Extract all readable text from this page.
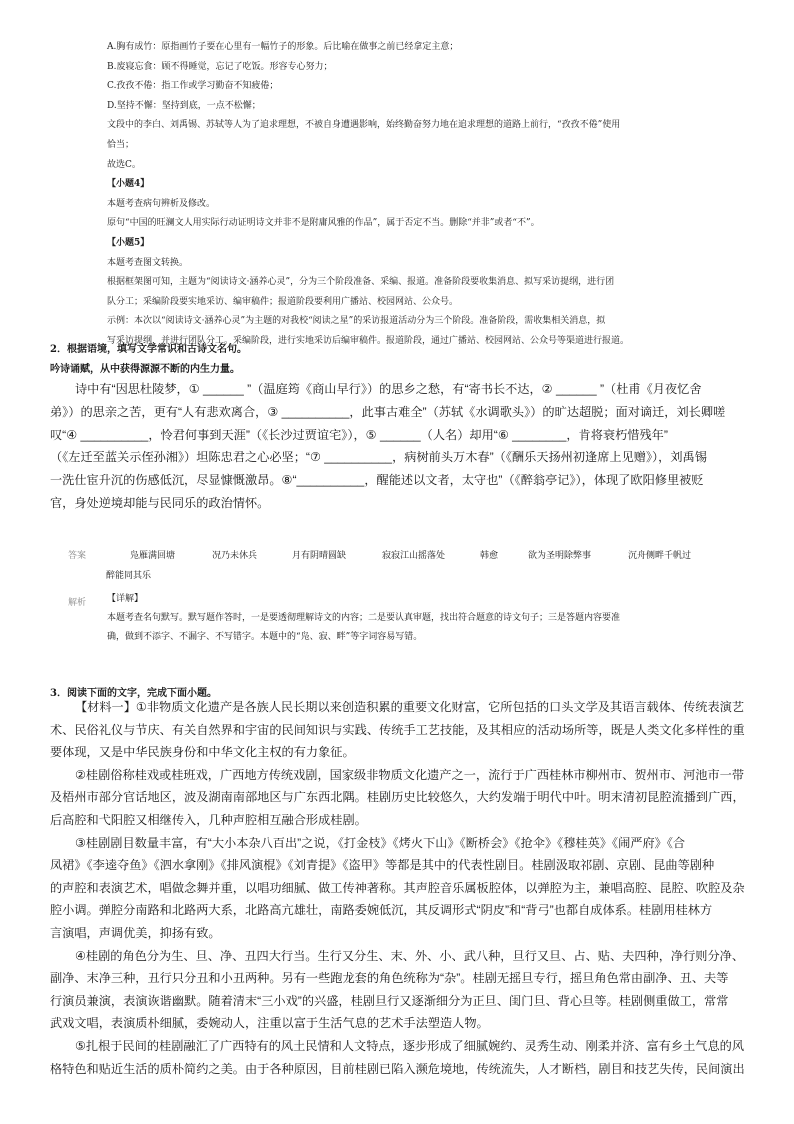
A.胸有成竹：原指画竹子要在心里有一幅竹子的形象。后比喻在做事之前已经拿定主意；

B.废寝忘食：顾不得睡觉，忘记了吃饭。形容专心努力；

C.孜孜不倦：指工作或学习勤奋不知疲倦；

D.坚持不懈：坚持到底，一点不松懈；

文段中的李白、刘禹锡、苏轼等人为了追求理想，不被自身遭遇影响，始终勤奋努力地在追求理想的道路上前行，“孜孜不倦”使用

恰当；

故选C。

【小题4】

本题考查病句辨析及修改。

原句“中国的旺澜文人用实际行动证明诗文并非不是附庸风雅的作品”，属于否定不当。删除“并非”或者“不”。

【小题5】

本题考查图文转换。

根据框架图可知，主题为“阅读诗文·涵养心灵”，分为三个阶段准备、采编、报道。准备阶段要收集消息、拟写采访提纲，进行团

队分工；采编阶段要实地采访、编审稿件；报道阶段要利用广播站、校园网站、公众号。

示例：本次以“阅读诗文·涵养心灵”为主题的对我校“阅读之星”的采访报道活动分为三个阶段。准备阶段，需收集相关消息，拟

写采访提纲，并进行团队分工。采编阶段，进行实地采访后编审稿件。报道阶段，通过广播站、校园网站、公众号等渠道进行报道。

2．根据语境，填写文学常识和古诗文名句。
吟诗诵赋，从中获得源源不断的内生力量。
诗中有“因思杜陵梦，① ______ ”（温庭筠《商山早行》）的思乡之愁，有“寄书长不达，② ______ ”（杜甫《月夜忆舍
弟》）的思亲之苦，更有“人有悲欢离合，③ __________，此事古难全”（苏轼《水调歌头》）的旷达超脱；面对谪迁，刘长卿嗟
叹“④ __________，怜君何事到天涯”（《长沙过贾谊宅》），⑤ ______（人名）却用“⑥ ________，肯将衰朽惜残年”
（《左迁至蓝关示侄孙湘》）坦陈忠君之心必坚；“⑦ __________，病树前头万木春”（《酬乐天扬州初逢席上见赠》），刘禹锡
一洗仕宦升沉的伤感低沉，尽显慷慨激昂。⑧“__________，醒能述以文者，太守也”（《醉翁亭记》），体现了欧阳修里被贬
官，身处逆境却能与民同乐的政治情怀。
答案	凫雁满回塘	况乃未休兵	月有阴晴圆缺	寂寂江山摇落处	韩愈	欲为圣明除弊事	沉舟侧畔千帆过
醉能同其乐
解析 【详解】

本题考查名句默写。默写题作答时，一是要透彻理解诗文的内容；二是要认真审题，找出符合题意的诗文句子；三是答题内容要准

确，做到不添字、不漏字、不写错字。本题中的“凫、寂、畔”等字词容易写错。

3．阅读下面的文字，完成下面小题。

【材料一】①非物质文化遗产是各族人民长期以来创造积累的重要文化财富，它所包括的口头文学及其语言载体、传统表演艺
术、民俗礼仪与节庆、有关自然界和宇宙的民间知识与实践、传统手工艺技能，及其相应的活动场所等，既是人类文化多样性的重
要体现，又是中华民族身份和中华文化主权的有力象征。

②桂剧俗称桂戏或桂班戏，广西地方传统戏剧，国家级非物质文化遗产之一，流行于广西桂林市柳州市、贺州市、河池市一带
及梧州市部分官话地区，波及湖南南部地区与广东西北隅。桂剧历史比较悠久，大约发端于明代中叶。明末清初昆腔流播到广西，
后高腔和弋阳腔又相继传入，几种声腔相互融合形成桂剧。

③桂剧剧目数量丰富，有“大小本杂八百出”之说，《打金枝》《烤火下山》《断桥会》《抢伞》《穆桂英》《闹严府》《合
凤裙》《李逵夺鱼》《泗水拿刚》《排风演棍》《刘青提》《盗甲》等都是其中的代表性剧目。桂剧汲取祁剧、京剧、昆曲等剧种
的声腔和表演艺术，唱做念舞并重，以唱功细腻、做工传神著称。其声腔音乐属板腔体，以弹腔为主，兼唱高腔、昆腔、吹腔及杂
腔小调。弹腔分南路和北路两大系，北路高亢雄壮，南路委婉低沉，其反调形式“阴皮”和“背弓”也都自成体系。桂剧用桂林方
言演唱，声调优美，抑扬有致。

④桂剧的角色分为生、旦、净、丑四大行当。生行又分生、末、外、小、武八种，旦行又旦、占、贴、夫四种，净行则分净、
副净、末净三种，丑行只分丑和小丑两种。另有一些跑龙套的角色统称为“杂”。桂剧无摇旦专行，摇旦角色常由副净、丑、夫等
行演员兼演，表演诙谐幽默。随着清末“三小戏”的兴盛，桂剧旦行又逐渐细分为正旦、闺门旦、背心旦等。桂剧侧重做工，常常
武戏文唱，表演质朴细腻，委婉动人，注重以富于生活气息的艺术手法塑造人物。

⑤扎根于民间的桂剧融汇了广西特有的风土民情和人文特点，逐步形成了细腻婉约、灵秀生动、刚柔并济、富有乡土气息的风
格特色和贴近生活的质朴简约之美。由于各种原因，目前桂剧已陷入濒危境地，传统流失，人才断档，剧目和技艺失传，民间演出
